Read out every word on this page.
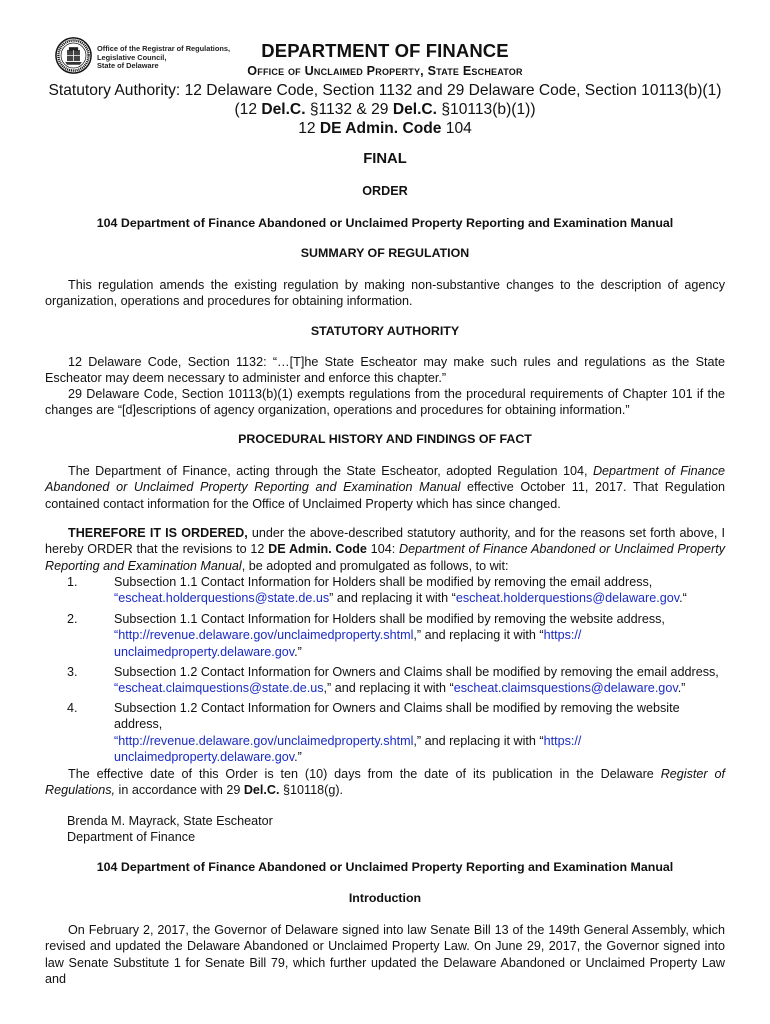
Office of the Registrar of Regulations,
Legislative Council,
State of Delaware
DEPARTMENT OF FINANCE
Office of Unclaimed Property, State Escheator
Statutory Authority: 12 Delaware Code, Section 1132 and 29 Delaware Code, Section 10113(b)(1)
(12 Del.C. §1132 & 29 Del.C. §10113(b)(1))
12 DE Admin. Code 104
FINAL
ORDER
104 Department of Finance Abandoned or Unclaimed Property Reporting and Examination Manual
SUMMARY OF REGULATION
This regulation amends the existing regulation by making non-substantive changes to the description of agency organization, operations and procedures for obtaining information.
STATUTORY AUTHORITY
12 Delaware Code, Section 1132: “…[T]he State Escheator may make such rules and regulations as the State Escheator may deem necessary to administer and enforce this chapter.”
29 Delaware Code, Section 10113(b)(1) exempts regulations from the procedural requirements of Chapter 101 if the changes are “[d]escriptions of agency organization, operations and procedures for obtaining information.”
PROCEDURAL HISTORY AND FINDINGS OF FACT
The Department of Finance, acting through the State Escheator, adopted Regulation 104, Department of Finance Abandoned or Unclaimed Property Reporting and Examination Manual effective October 11, 2017. That Regulation contained contact information for the Office of Unclaimed Property which has since changed.
THEREFORE IT IS ORDERED, under the above-described statutory authority, and for the reasons set forth above, I hereby ORDER that the revisions to 12 DE Admin. Code 104: Department of Finance Abandoned or Unclaimed Property Reporting and Examination Manual, be adopted and promulgated as follows, to wit:
1.	Subsection 1.1 Contact Information for Holders shall be modified by removing the email address,
“escheat.holderquestions@state.de.us” and replacing it with “escheat.holderquestions@delaware.gov.“
2.	Subsection 1.1 Contact Information for Holders shall be modified by removing the website address,
“http://revenue.delaware.gov/unclaimedproperty.shtml,” and replacing it with “https://
unclaimedproperty.delaware.gov.”
3.	Subsection 1.2 Contact Information for Owners and Claims shall be modified by removing the email address,
“escheat.claimquestions@state.de.us,” and replacing it with “escheat.claimsquestions@delaware.gov.”
4.	Subsection 1.2 Contact Information for Owners and Claims shall be modified by removing the website address,
“http://revenue.delaware.gov/unclaimedproperty.shtml,” and replacing it with “https://
unclaimedproperty.delaware.gov.”
The effective date of this Order is ten (10) days from the date of its publication in the Delaware Register of Regulations, in accordance with 29 Del.C. §10118(g).
Brenda M. Mayrack, State Escheator
Department of Finance
104 Department of Finance Abandoned or Unclaimed Property Reporting and Examination Manual
Introduction
On February 2, 2017, the Governor of Delaware signed into law Senate Bill 13 of the 149th General Assembly, which revised and updated the Delaware Abandoned or Unclaimed Property Law. On June 29, 2017, the Governor signed into law Senate Substitute 1 for Senate Bill 79, which further updated the Delaware Abandoned or Unclaimed Property Law and
